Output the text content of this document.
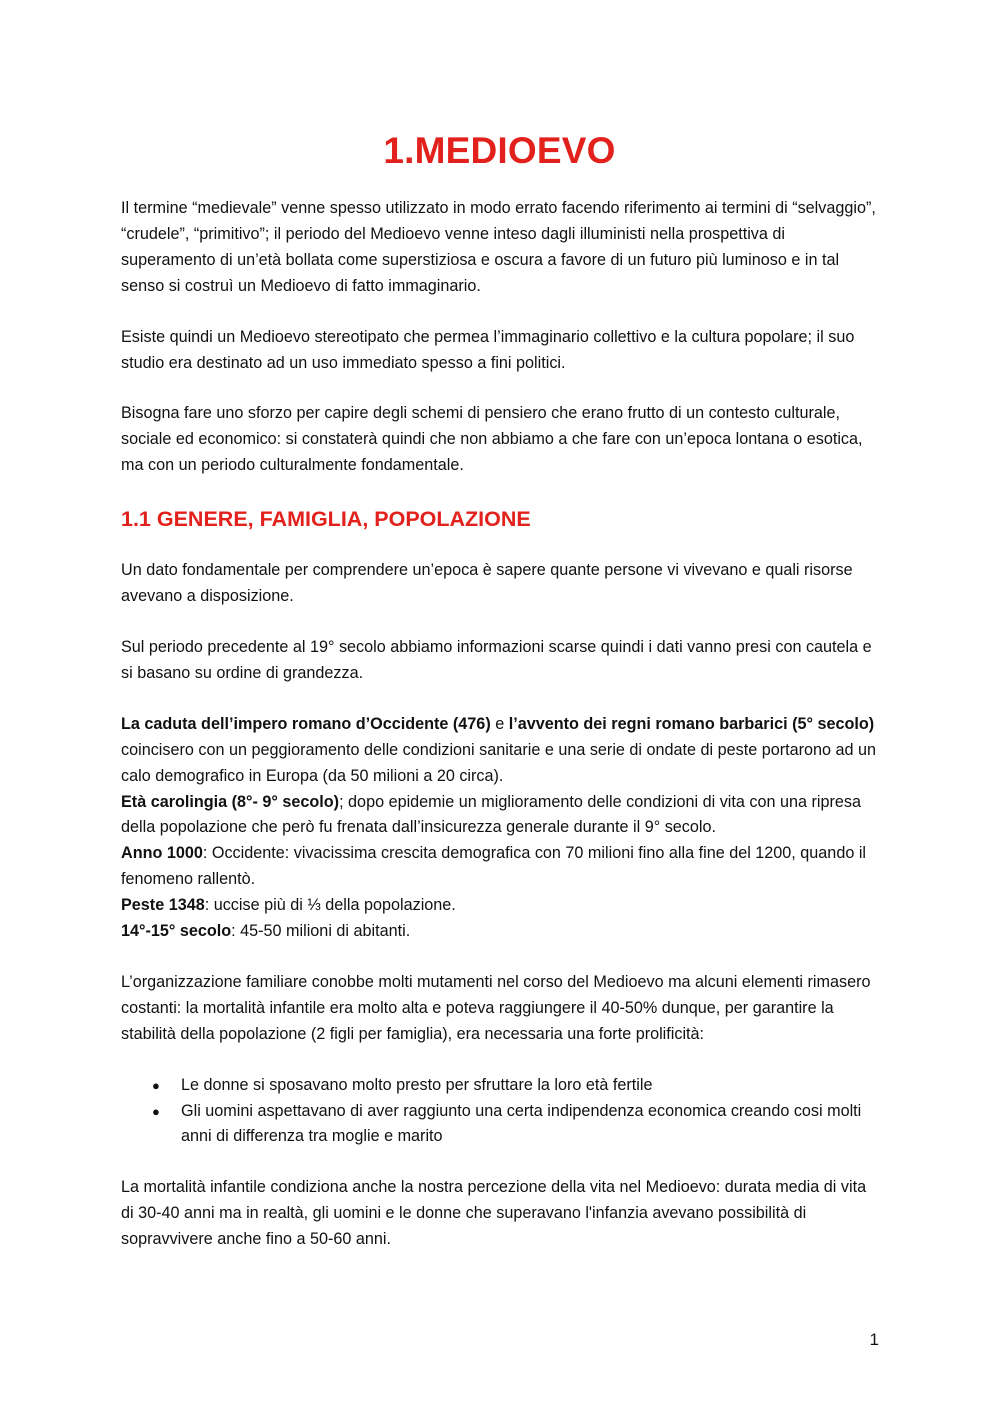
1.MEDIOEVO

Il termine “medievale” venne spesso utilizzato in modo errato facendo riferimento ai termini di “selvaggio”, “crudele”, “primitivo”; il periodo del Medioevo venne inteso dagli illuministi nella prospettiva di superamento di un’età bollata come superstiziosa e oscura a favore di un futuro più luminoso e in tal senso si costruì un Medioevo di fatto immaginario.

Esiste quindi un Medioevo stereotipato che permea l’immaginario collettivo e la cultura popolare; il suo studio era destinato ad un uso immediato spesso a fini politici.

Bisogna fare uno sforzo per capire degli schemi di pensiero che erano frutto di un contesto culturale, sociale ed economico: si constaterà quindi che non abbiamo a che fare con un’epoca lontana o esotica, ma con un periodo culturalmente fondamentale.

1.1 GENERE, FAMIGLIA, POPOLAZIONE

Un dato fondamentale per comprendere un’epoca è sapere quante persone vi vivevano e quali risorse avevano a disposizione.

Sul periodo precedente al 19° secolo abbiamo informazioni scarse quindi i dati vanno presi con cautela e si basano su ordine di grandezza.

La caduta dell’impero romano d’Occidente (476) e l’avvento dei regni romano barbarici (5° secolo) coincisero con un peggioramento delle condizioni sanitarie e una serie di ondate di peste portarono ad un calo demografico in Europa (da 50 milioni a 20 circa).

Età carolingia (8°- 9° secolo); dopo epidemie un miglioramento delle condizioni di vita con una ripresa della popolazione che però fu frenata dall’insicurezza generale durante il 9° secolo.

Anno 1000: Occidente: vivacissima crescita demografica con 70 milioni fino alla fine del 1200, quando il fenomeno rallentò.

Peste 1348: uccise più di ⅓ della popolazione.

14°-15° secolo: 45-50 milioni di abitanti.

L’organizzazione familiare conobbe molti mutamenti nel corso del Medioevo ma alcuni elementi rimasero costanti: la mortalità infantile era molto alta e poteva raggiungere il 40-50% dunque, per garantire la stabilità della popolazione (2 figli per famiglia), era necessaria una forte prolificità:

● Le donne si sposavano molto presto per sfruttare la loro età fertile
● Gli uomini aspettavano di aver raggiunto una certa indipendenza economica creando cosi molti anni di differenza tra moglie e marito

La mortalità infantile condiziona anche la nostra percezione della vita nel Medioevo: durata media di vita di 30-40 anni ma in realtà, gli uomini e le donne che superavano l'infanzia avevano possibilità di sopravvivere anche fino a 50-60 anni.

1
